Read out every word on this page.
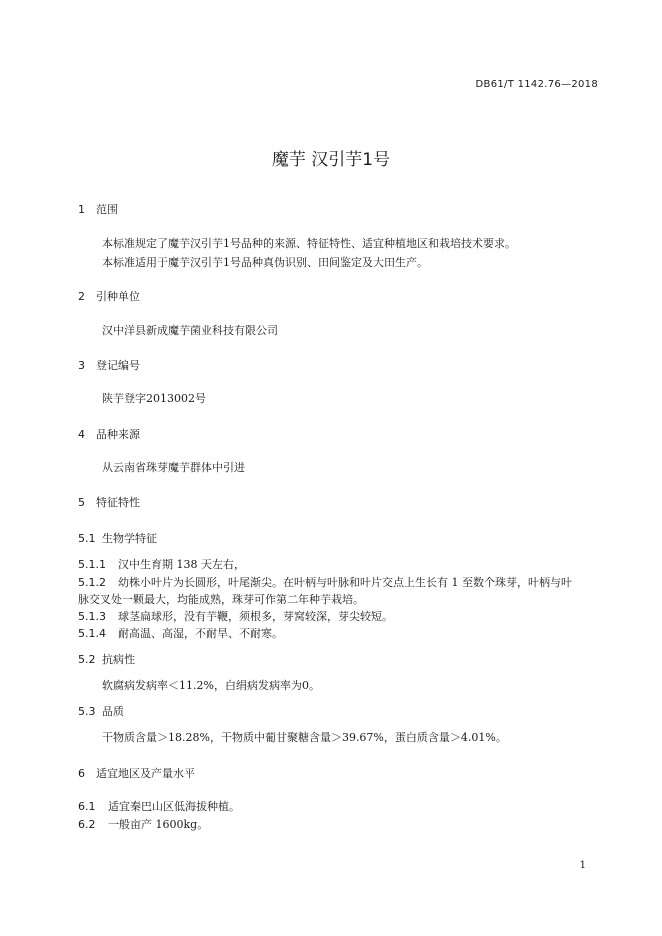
DB61/T 1142.76—2018
魔芋 汉引芋1号
1 范围
本标准规定了魔芋汉引芋1号品种的来源、特征特性、适宜种植地区和栽培技术要求。
本标准适用于魔芋汉引芋1号品种真伪识别、田间鉴定及大田生产。
2 引种单位
汉中洋县新成魔芋菌业科技有限公司
3 登记编号
陕芋登字2013002号
4 品种来源
从云南省珠芽魔芋群体中引进
5 特征特性
5.1 生物学特征
5.1.1 汉中生育期 138 天左右，
5.1.2 幼株小叶片为长圆形，叶尾渐尖。在叶柄与叶脉和叶片交点上生长有 1 至数个珠芽，叶柄与叶
脉交叉处一颗最大，均能成熟，珠芽可作第二年种芋栽培。
5.1.3 球茎扁球形，没有芋鞭，须根多，芽窝较深，芽尖较短。
5.1.4 耐高温、高湿，不耐旱、不耐寒。
5.2 抗病性
软腐病发病率＜11.2%，白绢病发病率为0。
5.3 品质
干物质含量＞18.28%，干物质中葡甘聚糖含量＞39.67%，蛋白质含量＞4.01%。
6 适宜地区及产量水平
6.1 适宜秦巴山区低海拔种植。
6.2 一般亩产 1600kg。
1
